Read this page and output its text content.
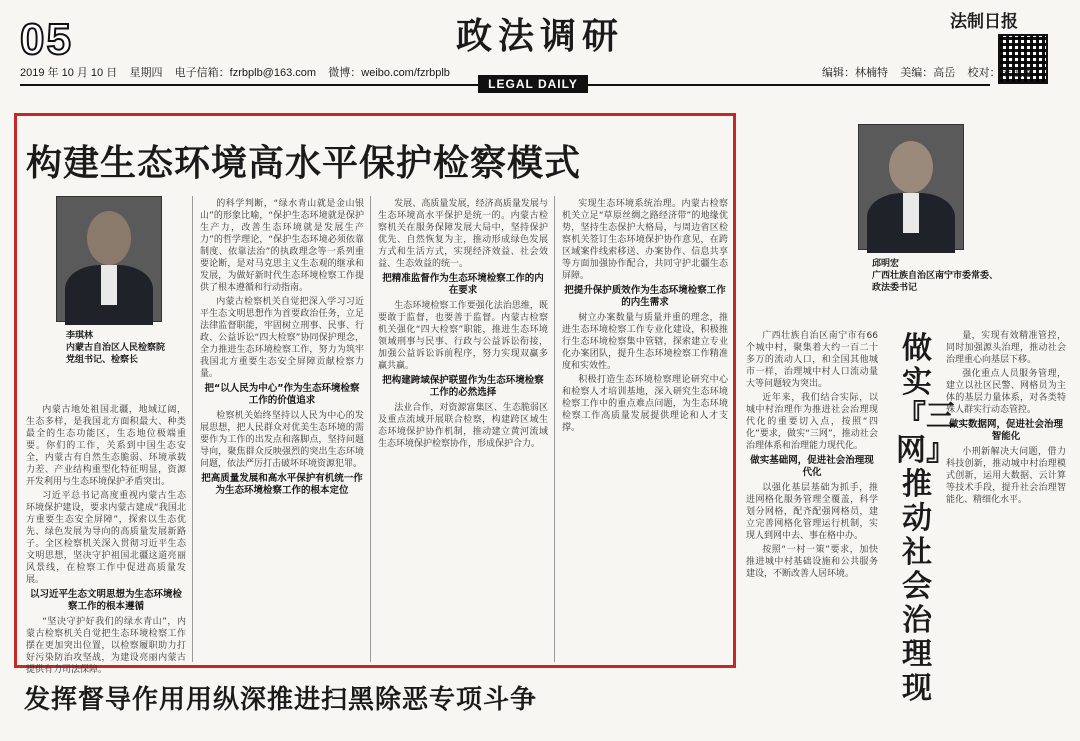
05	政法调研	法制日报
2019 年 10 月 10 日    星期四    电子信箱：fzrbplb@163.com    微博：weibo.com/fzrbplb	编辑：林楠特    美编：高岳    校对：宋玉莲
LEGAL DAILY
构建生态环境高水平保护检察模式
李琪林
内蒙古自治区人民检察院
党组书记、检察长

内蒙古地处祖国北疆，地域辽阔，生态多样，是我国北方面积最大、种类最全的生态功能区，生态地位极端重要。你们的工作，关系到中国生态安全，内蒙古有自然生态脆弱、环境承载力差、产业结构重型化特征明显，资源开发利用与生态环境保护矛盾突出。

习近平总书记高度重视内蒙古生态环境保护建设，要求内蒙古建成“我国北方重要生态安全屏障”，探索以生态优先、绿色发展为导向的高质量发展新路子。全区检察机关深入贯彻习近平生态文明思想，坚决守护祖国北疆这道亮丽风景线，在检察工作中促进高质量发展。

以习近平生态文明思想为生态环境检察工作的根本遵循

“坚决守护好我们的绿水青山”，内蒙古检察机关自觉把生态环境检察工作摆在更加突出位置，以检察履职助力打好污染防治攻坚战，为建设亮丽内蒙古提供有力司法保障。

的科学判断，“绿水青山就是金山银山”的形象比喻，“保护生态环境就是保护生产力，改善生态环境就是发展生产力”的哲学理论，“保护生态环境必须依靠制度、依靠法治”的执政理念等一系列重要论断，是对马克思主义生态观的继承和发展，为做好新时代生态环境检察工作提供了根本遵循和行动指南。

内蒙古检察机关自觉把深入学习习近平生态文明思想作为首要政治任务，立足法律监督职能，牢固树立刑事、民事、行政、公益诉讼“四大检察”协同保护理念，全力推进生态环境检察工作，努力为筑牢我国北方重要生态安全屏障贡献检察力量。

把“以人民为中心”作为生态环境检察工作的价值追求

检察机关始终坚持以人民为中心的发展思想，把人民群众对优美生态环境的需要作为工作的出发点和落脚点，坚持问题导向，聚焦群众反映强烈的突出生态环境问题，依法严厉打击破坏环境资源犯罪。

把高质量发展和高水平保护有机统一作为生态环境检察工作的根本定位

发展、高质量发展，经济高质量发展与生态环境高水平保护是统一的。内蒙古检察机关在服务保障发展大局中，坚持保护优先、自然恢复为主，推动形成绿色发展方式和生活方式，实现经济效益、社会效益、生态效益的统一。

把精准监督作为生态环境检察工作的内在要求

生态环境检察工作要强化法治思维，既要敢于监督，也要善于监督。内蒙古检察机关强化“四大检察”职能，推进生态环境领域刑事与民事、行政与公益诉讼衔接，加强公益诉讼诉前程序，努力实现双赢多赢共赢。

把构建跨域保护联盟作为生态环境检察工作的必然选择

法业合作，对资源富集区、生态脆弱区及重点流域开展联合检察，构建跨区域生态环境保护协作机制，推动建立黄河流域生态环境保护检察协作，形成保护合力。

实现生态环境系统治理。内蒙古检察机关立足“草原丝绸之路经济带”的地缘优势，坚持生态保护大格局，与周边省区检察机关签订生态环境保护协作意见，在跨区域案件线索移送、办案协作、信息共享等方面加强协作配合，共同守护北疆生态屏障。

把提升保护质效作为生态环境检察工作的内生需求

树立办案数量与质量并重的理念，推进生态环境检察工作专业化建设，积极推行生态环境检察集中管辖，探索建立专业化办案团队，提升生态环境检察工作精准度和实效性。

积极打造生态环境检察理论研究中心和检察人才培训基地，深入研究生态环境检察工作中的重点难点问题，为生态环境检察工作高质量发展提供理论和人才支撑。

发挥督导作用用纵深推进扫黑除恶专项斗争
邱明宏
广西壮族自治区南宁市委常委、
政法委书记

广西壮族自治区南宁市有66个城中村，聚集着大约一百二十多万的流动人口，和全国其他城市一样，治理城中村人口流动量大等问题较为突出。

近年来，我们结合实际，以城中村治理作为推进社会治理现代化的重要切入点，按照“四化”要求，做实“三网”，推动社会治理体系和治理能力现代化。

做实基础网，促进社会治理现代化

以强化基层基础为抓手，推进网格化服务管理全覆盖，科学划分网格，配齐配强网格员，建立完善网格化管理运行机制，实现人到网中去、事在格中办。

按照“一村一策”要求，加快推进城中村基础设施和公共服务建设，不断改善人居环境。

做实『三网』推动社会治理现

量，实现有效精准管控，同时加强源头治理，推动社会治理重心向基层下移。

强化重点人员服务管理，建立以社区民警、网格员为主体的基层力量体系，对各类特殊人群实行动态管控。

做实数据网，促进社会治理智能化

小刑新解决大问题，借力科技创新，推动城中村治理模式创新，运用大数据、云计算等技术手段，提升社会治理智能化、精细化水平。
